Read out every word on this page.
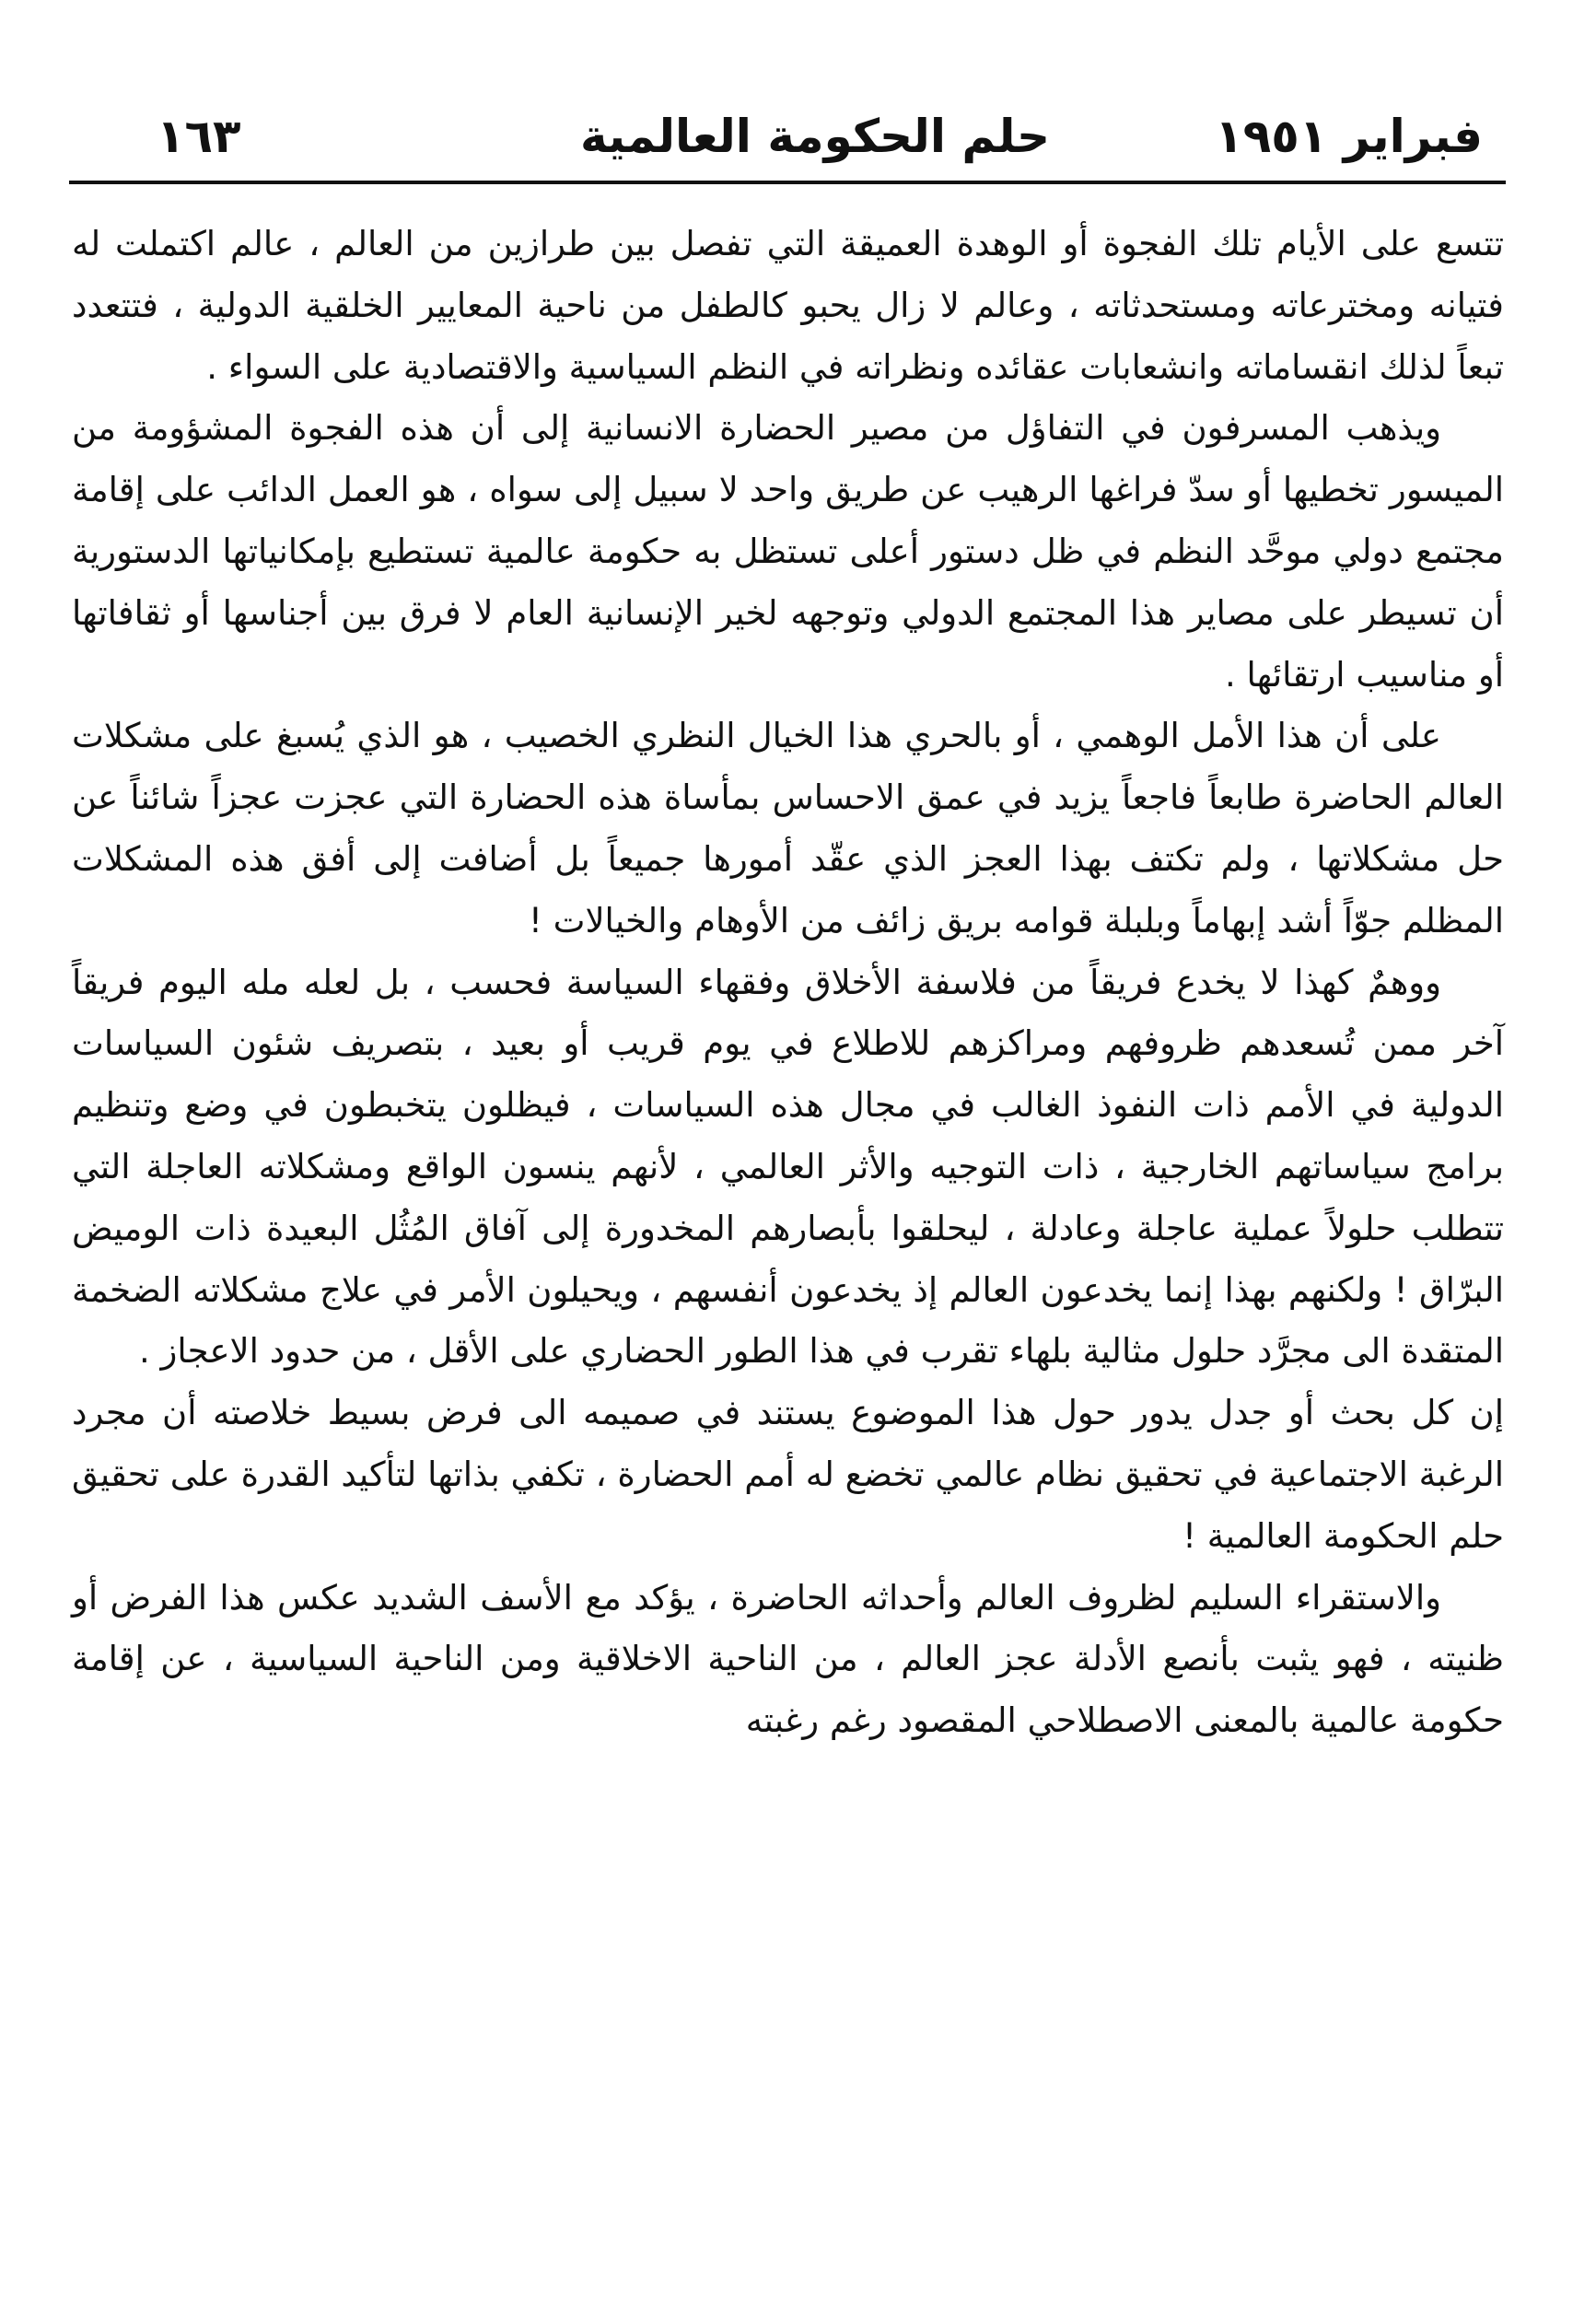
فبراير ١٩٥١
حلم الحكومة العالمية
١٦٣

تتسع على الأيام تلك الفجوة أو الوهدة العميقة التي تفصل بين طرازين من العالم ، عالم اكتملت له فتيانه ومخترعاته ومستحدثاته ، وعالم لا زال يحبو كالطفل من ناحية المعايير الخلقية الدولية ، فتتعدد تبعاً لذلك انقساماته وانشعابات عقائده ونظراته في النظم السياسية والاقتصادية على السواء .

ويذهب المسرفون في التفاؤل من مصير الحضارة الانسانية إلى أن هذه الفجوة المشؤومة من الميسور تخطيها أو سدّ فراغها الرهيب عن طريق واحد لا سبيل إلى سواه ، هو العمل الدائب على إقامة مجتمع دولي موحَّد النظم في ظل دستور أعلى تستظل به حكومة عالمية تستطيع بإمكانياتها الدستورية أن تسيطر على مصاير هذا المجتمع الدولي وتوجهه لخير الإنسانية العام لا فرق بين أجناسها أو ثقافاتها أو مناسيب ارتقائها .

على أن هذا الأمل الوهمي ، أو بالحري هذا الخيال النظري الخصيب ، هو الذي يُسبغ على مشكلات العالم الحاضرة طابعاً فاجعاً يزيد في عمق الاحساس بمأساة هذه الحضارة التي عجزت عجزاً شائناً عن حل مشكلاتها ، ولم تكتف بهذا العجز الذي عقّد أمورها جميعاً بل أضافت إلى أفق هذه المشكلات المظلم جوّاً أشد إبهاماً وبلبلة قوامه بريق زائف من الأوهام والخيالات !

ووهمٌ كهذا لا يخدع فريقاً من فلاسفة الأخلاق وفقهاء السياسة فحسب ، بل لعله مله اليوم فريقاً آخر ممن تُسعدهم ظروفهم ومراكزهم للاطلاع في يوم قريب أو بعيد ، بتصريف شئون السياسات الدولية في الأمم ذات النفوذ الغالب في مجال هذه السياسات ، فيظلون يتخبطون في وضع وتنظيم برامج سياساتهم الخارجية ، ذات التوجيه والأثر العالمي ، لأنهم ينسون الواقع ومشكلاته العاجلة التي تتطلب حلولاً عملية عاجلة وعادلة ، ليحلقوا بأبصارهم المخدورة إلى آفاق المُثُل البعيدة ذات الوميض البرّاق ! ولكنهم بهذا إنما يخدعون العالم إذ يخدعون أنفسهم ، ويحيلون الأمر في علاج مشكلاته الضخمة المتقدة الى مجرَّد حلول مثالية بلهاء تقرب في هذا الطور الحضاري على الأقل ، من حدود الاعجاز .

إن كل بحث أو جدل يدور حول هذا الموضوع يستند في صميمه الى فرض بسيط خلاصته أن مجرد الرغبة الاجتماعية في تحقيق نظام عالمي تخضع له أمم الحضارة ، تكفي بذاتها لتأكيد القدرة على تحقيق حلم الحكومة العالمية !

والاستقراء السليم لظروف العالم وأحداثه الحاضرة ، يؤكد مع الأسف الشديد عكس هذا الفرض أو ظنيته ، فهو يثبت بأنصع الأدلة عجز العالم ، من الناحية الاخلاقية ومن الناحية السياسية ، عن إقامة حكومة عالمية بالمعنى الاصطلاحي المقصود رغم رغبته
